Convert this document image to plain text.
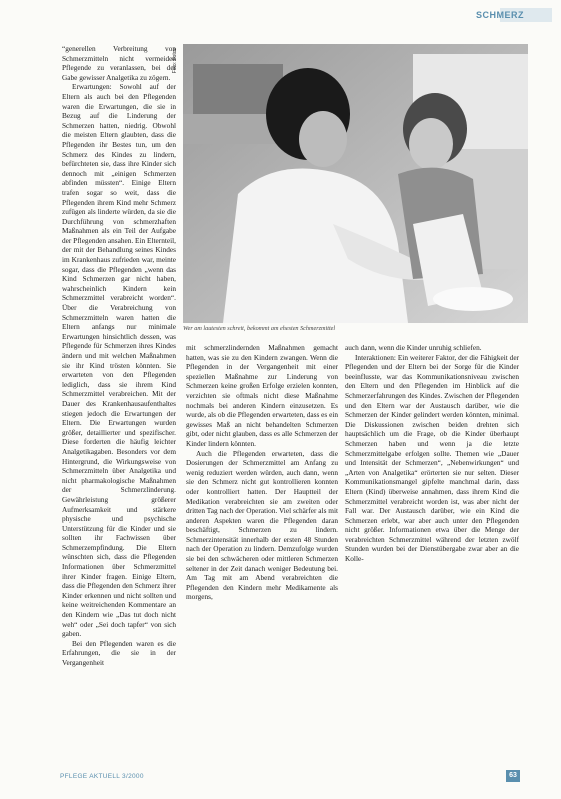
SCHMERZ
Foto: Fotos
Wer am lautesten schreit, bekommt am ehesten Schmerzmittel

“generellen Verbreitung von Schmerzmitteln nicht vermeiden Pflegende zu veranlassen, bei der Gabe gewisser Analgetika zu zögern.

Erwartungen: Sowohl auf der Eltern als auch bei den Pflegenden waren die Erwartungen, die sie in Bezug auf die Linderung der Schmerzen hatten, niedrig. Obwohl die meisten Eltern glaubten, dass die Pflegenden ihr Bestes tun, um den Schmerz des Kindes zu lindern, befürchteten sie, dass ihre Kinder sich dennoch mit „einigen Schmerzen abfinden müssten“. Einige Eltern trafen sogar so weit, dass die Pflegenden ihrem Kind mehr Schmerz zufügen als linderte würden, da sie die Durchführung von schmerzhaften Maßnahmen als ein Teil der Aufgabe der Pflegenden ansahen. Ein Elternteil, der mit der Behandlung seines Kindes im Krankenhaus zufrieden war, meinte sogar, dass die Pflegenden „wenn das Kind Schmerzen gar nicht haben, wahrscheinlich Kindern kein Schmerzmittel verabreicht worden“. Über die Verabreichung von Schmerzmitteln waren hatten die Eltern anfangs nur minimale Erwartungen hinsichtlich dessen, was Pflegende für Schmerzen ihres Kindes ändern und mit welchen Maßnahmen sie ihr Kind trösten könnten. Sie erwarteten von den Pflegenden lediglich, dass sie ihrem Kind Schmerzmittel verabreichen. Mit der Dauer des Krankenhausaufenthaltes stiegen jedoch die Erwartungen der Eltern. Die Erwartungen wurden größer, detaillierter und spezifischer. Diese forderten die häufig leichter Analgetikagaben. Besonders vor dem Hintergrund, die Wirkungsweise von Schmerzmitteln über Analgetika und nicht pharmakologische Maßnahmen der Schmerzlinderung. Gewährleistung größerer Aufmerksamkeit und stärkere physische und psychische Unterstützung für die Kinder und sie sollten ihr Fachwissen über Schmerzempfindung. Die Eltern wünschten sich, dass die Pflegenden Informationen über Schmerzmittel ihrer Kinder fragen. Einige Eltern, dass die Pflegenden den Schmerz ihrer Kinder erkennen und nicht sollten und keine weitreichenden Kommentare an den Kindern wie „Das tut doch nicht weh“ oder „Sei doch tapfer“ von sich gaben.

Bei den Pflegenden waren es die Erfahrungen, die sie in der Vergangenheit

mit schmerzlindernden Maßnahmen gemacht hatten, was sie zu den Kindern zwangen. Wenn die Pflegenden in der Vergangenheit mit einer speziellen Maßnahme zur Linderung von Schmerzen keine großen Erfolge erzielen konnten, verzichten sie oftmals nicht diese Maßnahme nochmals bei anderen Kindern einzusetzen. Es wurde, als ob die Pflegenden erwarteten, dass es ein gewisses Maß an nicht behandelten Schmerzen gibt, oder nicht glauben, dass es alle Schmerzen der Kinder lindern könnten.

Auch die Pflegenden erwarteten, dass die Dosierungen der Schmerzmittel am Anfang zu wenig reduziert werden würden, auch dann, wenn sie den Schmerz nicht gut kontrollieren konnten oder kontrolliert hatten. Der Hauptteil der Medikation verabreichten sie am zweiten oder dritten Tag nach der Operation. Viel schärfer als mit anderen Aspekten waren die Pflegenden daran beschäftigt, Schmerzen zu lindern. Schmerzintensität innerhalb der ersten 48 Stunden nach der Operation zu lindern. Demzufolge wurden sie bei den schwächeren oder mittleren Schmerzen seltener in der Zeit danach weniger Bedeutung bei. Am Tag mit am Abend verabreichten die Pflegenden den Kindern mehr Medikamente als morgens,

auch dann, wenn die Kinder unruhig schliefen.

Interaktionen: Ein weiterer Faktor, der die Fähigkeit der Pflegenden und der Eltern bei der Sorge für die Kinder beeinflusste, war das Kommunikationsniveau zwischen den Eltern und den Pflegenden im Hinblick auf die Schmerzerfahrungen des Kindes. Zwischen der Pflegenden und den Eltern war der Austausch darüber, wie die Schmerzen der Kinder gelindert werden könnten, minimal. Die Diskussionen zwischen beiden drehten sich hauptsächlich um die Frage, ob die Kinder überhaupt Schmerzen haben und wenn ja die letzte Schmerzmittelgabe erfolgen sollte. Themen wie „Dauer und Intensität der Schmerzen“, „Nebenwirkungen“ und „Arten von Analgetika“ erörterten sie nur selten. Dieser Kommunikationsmangel gipfelte manchmal darin, dass Eltern (Kind) überweise annahmen, dass ihrem Kind die Schmerzmittel verabreicht worden ist, was aber nicht der Fall war. Der Austausch darüber, wie ein Kind die Schmerzen erlebt, war aber auch unter den Pflegenden nicht größer. Informationen etwa über die Menge der verabreichten Schmerzmittel während der letzten zwölf Stunden wurden bei der Dienstübergabe zwar aber an die Kolle-

PFLEGE AKTUELL 3/2000	63
